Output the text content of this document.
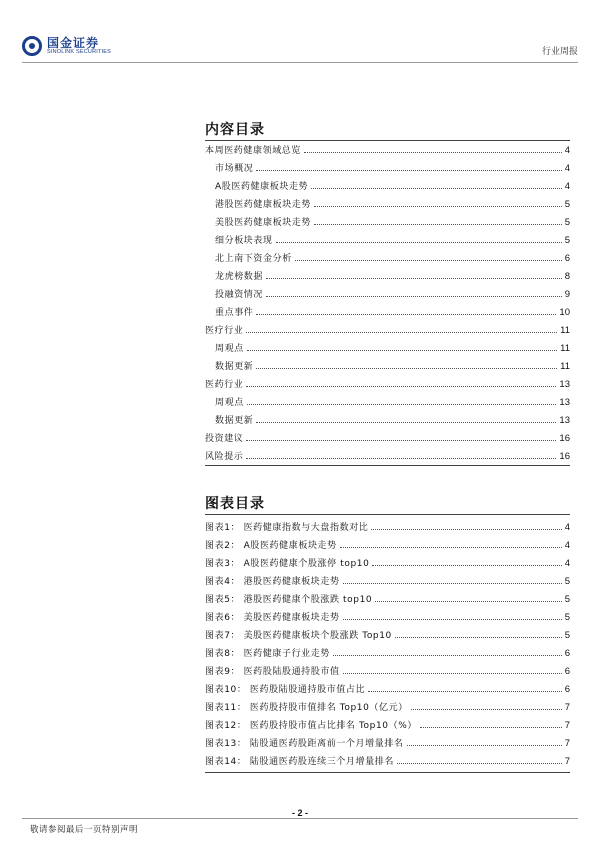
国金证券
SINOLINK SECURITIES	行业周报
内容目录
本周医药健康领域总览	4
市场概况	4
A股医药健康板块走势	4
港股医药健康板块走势	5
美股医药健康板块走势	5
细分板块表现	5
北上南下资金分析	6
龙虎榜数据	8
投融资情况	9
重点事件	10
医疗行业	11
周观点	11
数据更新	11
医药行业	13
周观点	13
数据更新	13
投资建议	16
风险提示	16
图表目录
图表1： 医药健康指数与大盘指数对比	4
图表2： A股医药健康板块走势	4
图表3： A股医药健康个股涨停 top10	4
图表4： 港股医药健康板块走势	5
图表5： 港股医药健康个股涨跌 top10	5
图表6： 美股医药健康板块走势	5
图表7： 美股医药健康板块个股涨跌 Top10	5
图表8： 医药健康子行业走势	6
图表9： 医药股陆股通持股市值	6
图表10： 医药股陆股通持股市值占比	6
图表11： 医药股持股市值排名 Top10（亿元）	7
图表12： 医药股持股市值占比排名 Top10（%）	7
图表13： 陆股通医药股距离前一个月增量排名	7
图表14： 陆股通医药股连续三个月增量排名	7
- 2 -
敬请参阅最后一页特别声明
